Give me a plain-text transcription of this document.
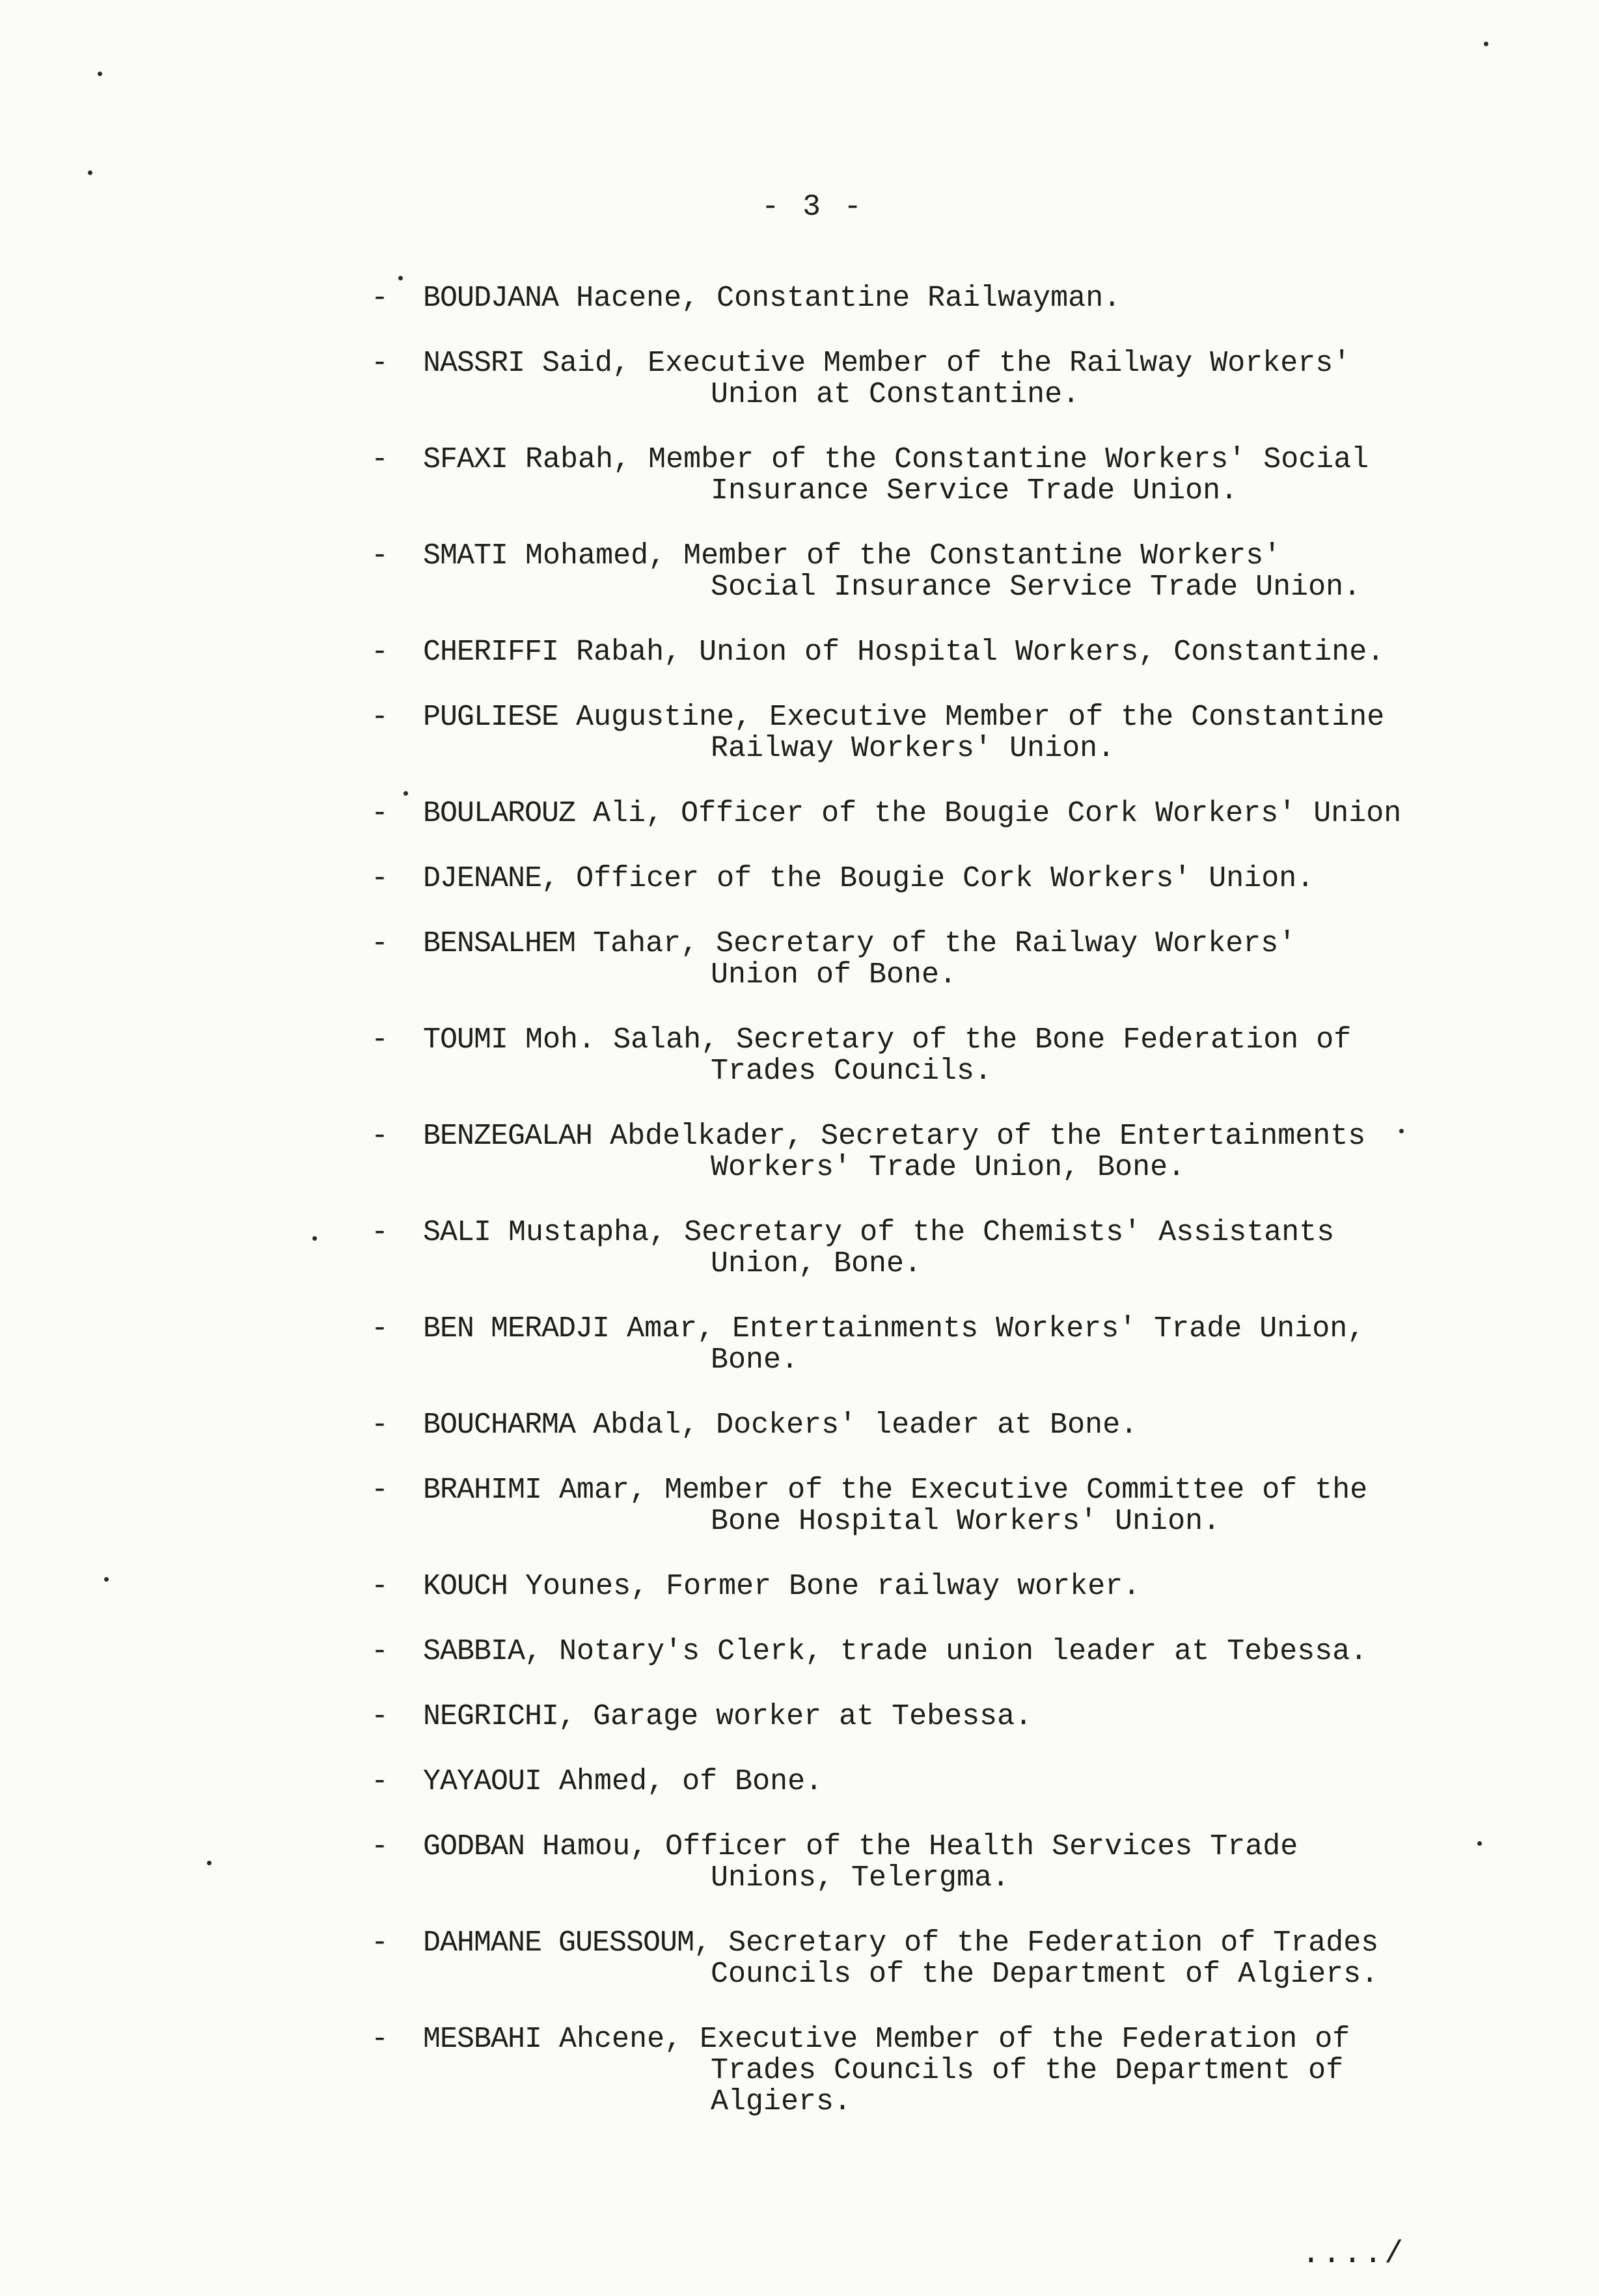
- 3 -
- BOUDJANA Hacene, Constantine Railwayman.
- NASSRI Said, Executive Member of the Railway Workers'
Union at Constantine.
- SFAXI Rabah, Member of the Constantine Workers' Social
Insurance Service Trade Union.
- SMATI Mohamed, Member of the Constantine Workers'
Social Insurance Service Trade Union.
- CHERIFFI Rabah, Union of Hospital Workers, Constantine.
- PUGLIESE Augustine, Executive Member of the Constantine
Railway Workers' Union.
- BOULAROUZ Ali, Officer of the Bougie Cork Workers' Union
- DJENANE, Officer of the Bougie Cork Workers' Union.
- BENSALHEM Tahar, Secretary of the Railway Workers'
Union of Bone.
- TOUMI Moh. Salah, Secretary of the Bone Federation of
Trades Councils.
- BENZEGALAH Abdelkader, Secretary of the Entertainments
Workers' Trade Union, Bone.
- SALI Mustapha, Secretary of the Chemists' Assistants
Union, Bone.
- BEN MERADJI Amar, Entertainments Workers' Trade Union,
Bone.
- BOUCHARMA Abdal, Dockers' leader at Bone.
- BRAHIMI Amar, Member of the Executive Committee of the
Bone Hospital Workers' Union.
- KOUCH Younes, Former Bone railway worker.
- SABBIA, Notary's Clerk, trade union leader at Tebessa.
- NEGRICHI, Garage worker at Tebessa.
- YAYAOUI Ahmed, of Bone.
- GODBAN Hamou, Officer of the Health Services Trade
Unions, Telergma.
- DAHMANE GUESSOUM, Secretary of the Federation of Trades
Councils of the Department of Algiers.
- MESBAHI Ahcene, Executive Member of the Federation of
Trades Councils of the Department of
Algiers.
..../
